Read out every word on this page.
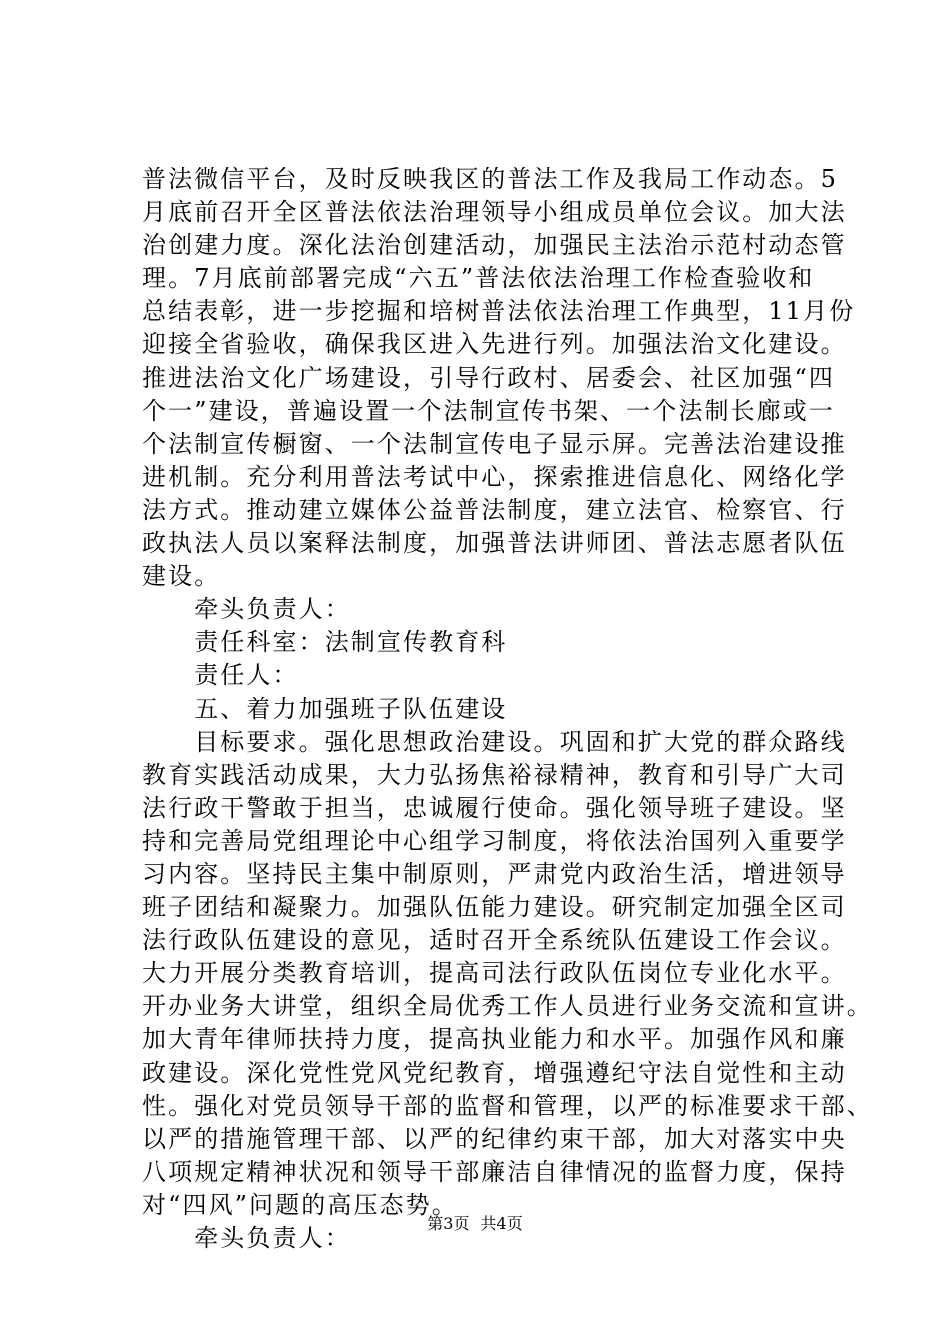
普法微信平台，及时反映我区的普法工作及我局工作动态。5
月底前召开全区普法依法治理领导小组成员单位会议。加大法
治创建力度。深化法治创建活动，加强民主法治示范村动态管
理。7月底前部署完成“六五”普法依法治理工作检查验收和
总结表彰，进一步挖掘和培树普法依法治理工作典型，11月份
迎接全省验收，确保我区进入先进行列。加强法治文化建设。
推进法治文化广场建设，引导行政村、居委会、社区加强“四
个一”建设，普遍设置一个法制宣传书架、一个法制长廊或一
个法制宣传橱窗、一个法制宣传电子显示屏。完善法治建设推
进机制。充分利用普法考试中心，探索推进信息化、网络化学
法方式。推动建立媒体公益普法制度，建立法官、检察官、行
政执法人员以案释法制度，加强普法讲师团、普法志愿者队伍
建设。
　　牵头负责人：
　　责任科室：法制宣传教育科
　　责任人：
　　五、着力加强班子队伍建设
　　目标要求。强化思想政治建设。巩固和扩大党的群众路线
教育实践活动成果，大力弘扬焦裕禄精神，教育和引导广大司
法行政干警敢于担当，忠诚履行使命。强化领导班子建设。坚
持和完善局党组理论中心组学习制度，将依法治国列入重要学
习内容。坚持民主集中制原则，严肃党内政治生活，增进领导
班子团结和凝聚力。加强队伍能力建设。研究制定加强全区司
法行政队伍建设的意见，适时召开全系统队伍建设工作会议。
大力开展分类教育培训，提高司法行政队伍岗位专业化水平。
开办业务大讲堂，组织全局优秀工作人员进行业务交流和宣讲。
加大青年律师扶持力度，提高执业能力和水平。加强作风和廉
政建设。深化党性党风党纪教育，增强遵纪守法自觉性和主动
性。强化对党员领导干部的监督和管理，以严的标准要求干部、
以严的措施管理干部、以严的纪律约束干部，加大对落实中央
八项规定精神状况和领导干部廉洁自律情况的监督力度，保持
对“四风”问题的高压态势。
　　牵头负责人：
第3页 共4页
